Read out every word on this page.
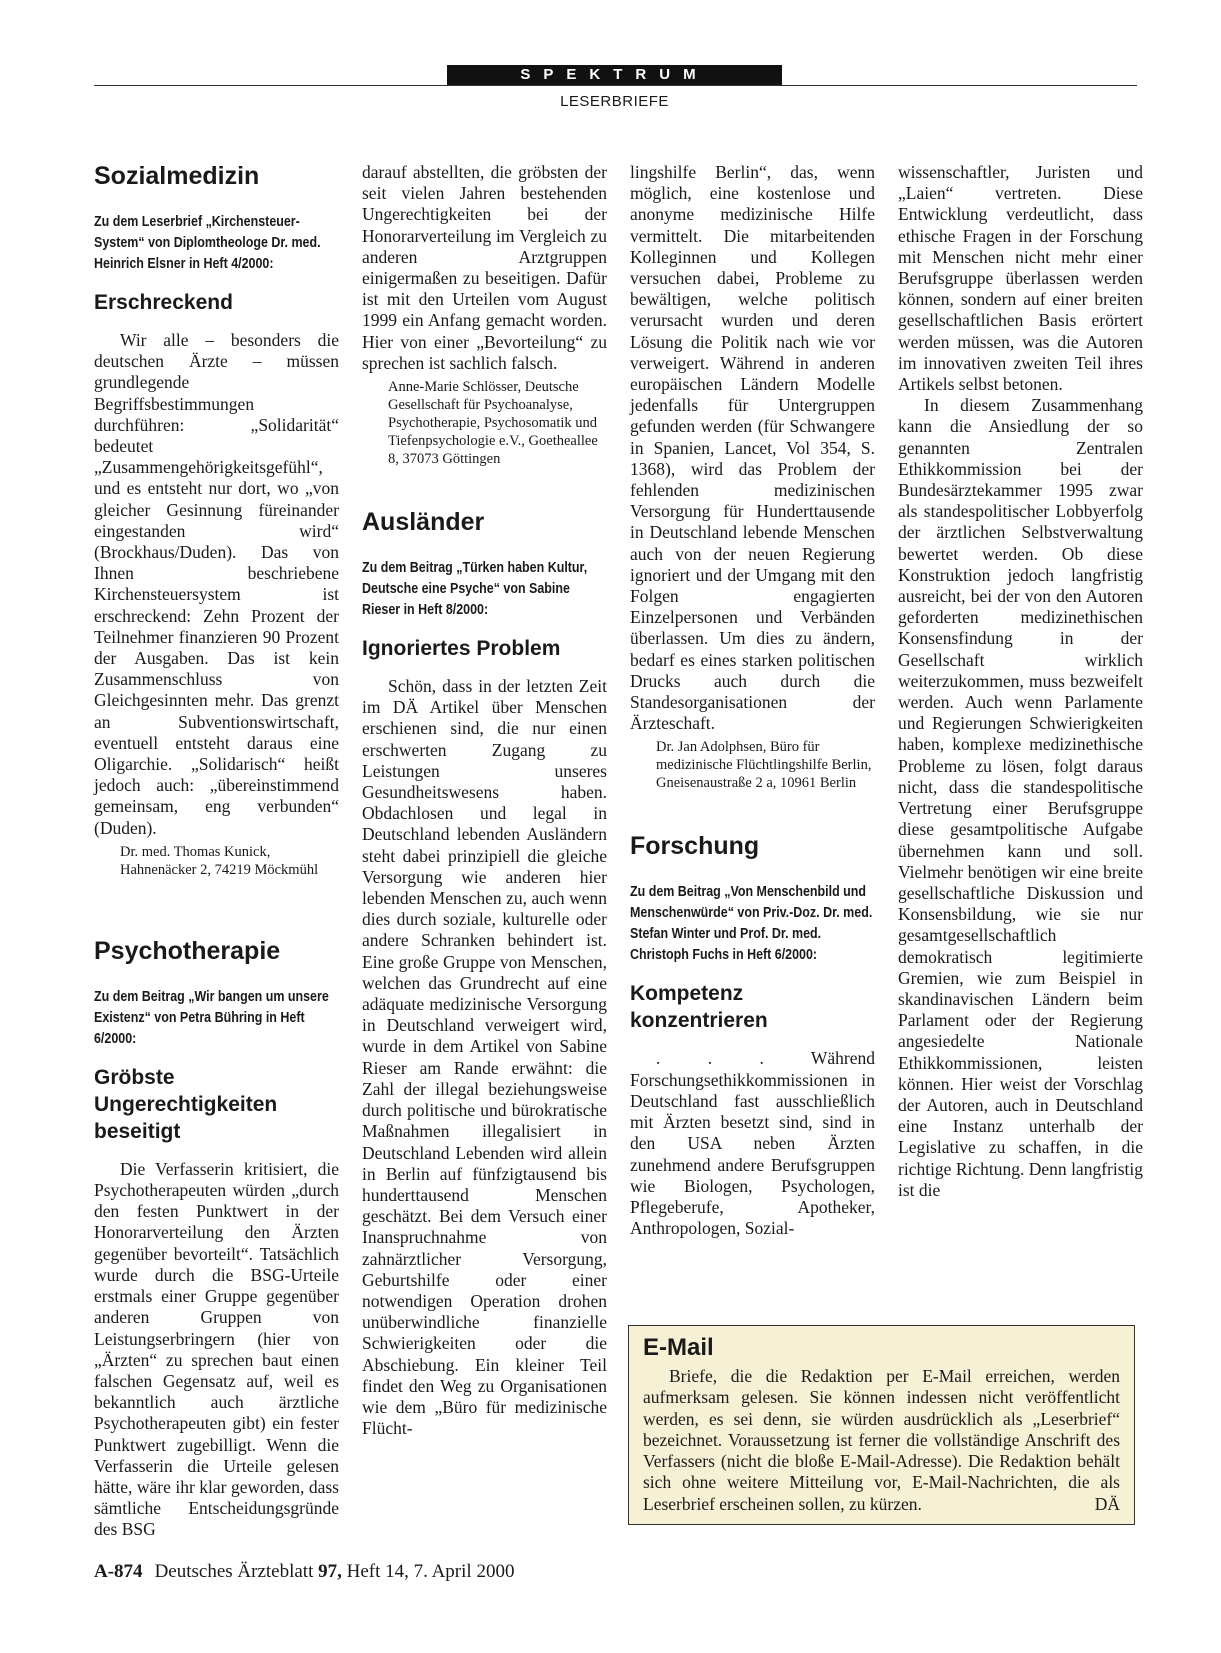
SPEKTRUM
LESERBRIEFE
Sozialmedizin
Zu dem Leserbrief „Kirchensteuer-System“ von Diplomtheologe Dr. med. Heinrich Elsner in Heft 4/2000:
Erschreckend

Wir alle – besonders die deutschen Ärzte – müssen grundlegende Begriffsbestimmungen durchführen: „Solidarität“ bedeutet „Zusammengehörigkeitsgefühl“, und es entsteht nur dort, wo „von gleicher Gesinnung füreinander eingestanden wird“ (Brockhaus/Duden). Das von Ihnen beschriebene Kirchensteuersystem ist erschreckend: Zehn Prozent der Teilnehmer finanzieren 90 Prozent der Ausgaben. Das ist kein Zusammenschluss von Gleichgesinnten mehr. Das grenzt an Subventionswirtschaft, eventuell entsteht daraus eine Oligarchie. „Solidarisch“ heißt jedoch auch: „übereinstimmend gemeinsam, eng verbunden“ (Duden).

Dr. med. Thomas Kunick, Hahnenäcker 2, 74219 Möckmühl

Psychotherapie
Zu dem Beitrag „Wir bangen um unsere Existenz“ von Petra Bühring in Heft 6/2000:
Gröbste Ungerechtigkeiten beseitigt

Die Verfasserin kritisiert, die Psychotherapeuten würden „durch den festen Punktwert in der Honorarverteilung den Ärzten gegenüber bevorteilt“. Tatsächlich wurde durch die BSG-Urteile erstmals einer Gruppe gegenüber anderen Gruppen von Leistungserbringern (hier von „Ärzten“ zu sprechen baut einen falschen Gegensatz auf, weil es bekanntlich auch ärztliche Psychotherapeuten gibt) ein fester Punktwert zugebilligt. Wenn die Verfasserin die Urteile gelesen hätte, wäre ihr klar geworden, dass sämtliche Entscheidungsgründe des BSG

darauf abstellten, die gröbsten der seit vielen Jahren bestehenden Ungerechtigkeiten bei der Honorarverteilung im Vergleich zu anderen Arztgruppen einigermaßen zu beseitigen. Dafür ist mit den Urteilen vom August 1999 ein Anfang gemacht worden. Hier von einer „Bevorteilung“ zu sprechen ist sachlich falsch.

Anne-Marie Schlösser, Deutsche Gesellschaft für Psychoanalyse, Psychotherapie, Psychosomatik und Tiefenpsychologie e.V., Goetheallee 8, 37073 Göttingen

Ausländer
Zu dem Beitrag „Türken haben Kultur, Deutsche eine Psyche“ von Sabine Rieser in Heft 8/2000:
Ignoriertes Problem

Schön, dass in der letzten Zeit im DÄ Artikel über Menschen erschienen sind, die nur einen erschwerten Zugang zu Leistungen unseres Gesundheitswesens haben. Obdachlosen und legal in Deutschland lebenden Ausländern steht dabei prinzipiell die gleiche Versorgung wie anderen hier lebenden Menschen zu, auch wenn dies durch soziale, kulturelle oder andere Schranken behindert ist. Eine große Gruppe von Menschen, welchen das Grundrecht auf eine adäquate medizinische Versorgung in Deutschland verweigert wird, wurde in dem Artikel von Sabine Rieser am Rande erwähnt: die Zahl der illegal beziehungsweise durch politische und bürokratische Maßnahmen illegalisiert in Deutschland Lebenden wird allein in Berlin auf fünfzigtausend bis hunderttausend Menschen geschätzt. Bei dem Versuch einer Inanspruchnahme von zahnärztlicher Versorgung, Geburtshilfe oder einer notwendigen Operation drohen unüberwindliche finanzielle Schwierigkeiten oder die Abschiebung. Ein kleiner Teil findet den Weg zu Organisationen wie dem „Büro für medizinische Flücht-

lingshilfe Berlin“, das, wenn möglich, eine kostenlose und anonyme medizinische Hilfe vermittelt. Die mitarbeitenden Kolleginnen und Kollegen versuchen dabei, Probleme zu bewältigen, welche politisch verursacht wurden und deren Lösung die Politik nach wie vor verweigert. Während in anderen europäischen Ländern Modelle jedenfalls für Untergruppen gefunden werden (für Schwangere in Spanien, Lancet, Vol 354, S. 1368), wird das Problem der fehlenden medizinischen Versorgung für Hunderttausende in Deutschland lebende Menschen auch von der neuen Regierung ignoriert und der Umgang mit den Folgen engagierten Einzelpersonen und Verbänden überlassen. Um dies zu ändern, bedarf es eines starken politischen Drucks auch durch die Standesorganisationen der Ärzteschaft.

Dr. Jan Adolphsen, Büro für medizinische Flüchtlingshilfe Berlin, Gneisenaustraße 2 a, 10961 Berlin

Forschung
Zu dem Beitrag „Von Menschenbild und Menschenwürde“ von Priv.-Doz. Dr. med. Stefan Winter und Prof. Dr. med. Christoph Fuchs in Heft 6/2000:
Kompetenz konzentrieren

. . . Während Forschungsethikkommissionen in Deutschland fast ausschließlich mit Ärzten besetzt sind, sind in den USA neben Ärzten zunehmend andere Berufsgruppen wie Biologen, Psychologen, Pflegeberufe, Apotheker, Anthropologen, Sozial-

wissenschaftler, Juristen und „Laien“ vertreten. Diese Entwicklung verdeutlicht, dass ethische Fragen in der Forschung mit Menschen nicht mehr einer Berufsgruppe überlassen werden können, sondern auf einer breiten gesellschaftlichen Basis erörtert werden müssen, was die Autoren im innovativen zweiten Teil ihres Artikels selbst betonen.

In diesem Zusammenhang kann die Ansiedlung der so genannten Zentralen Ethikkommission bei der Bundesärztekammer 1995 zwar als standespolitischer Lobbyerfolg der ärztlichen Selbstverwaltung bewertet werden. Ob diese Konstruktion jedoch langfristig ausreicht, bei der von den Autoren geforderten medizinethischen Konsensfindung in der Gesellschaft wirklich weiterzukommen, muss bezweifelt werden. Auch wenn Parlamente und Regierungen Schwierigkeiten haben, komplexe medizinethische Probleme zu lösen, folgt daraus nicht, dass die standespolitische Vertretung einer Berufsgruppe diese gesamtpolitische Aufgabe übernehmen kann und soll. Vielmehr benötigen wir eine breite gesellschaftliche Diskussion und Konsensbildung, wie sie nur gesamtgesellschaftlich demokratisch legitimierte Gremien, wie zum Beispiel in skandinavischen Ländern beim Parlament oder der Regierung angesiedelte Nationale Ethikkommissionen, leisten können. Hier weist der Vorschlag der Autoren, auch in Deutschland eine Instanz unterhalb der Legislative zu schaffen, in die richtige Richtung. Denn langfristig ist die

E-Mail

Briefe, die die Redaktion per E-Mail erreichen, werden aufmerksam gelesen. Sie können indessen nicht veröffentlicht werden, es sei denn, sie würden ausdrücklich als „Leserbrief“ bezeichnet. Voraussetzung ist ferner die vollständige Anschrift des Verfassers (nicht die bloße E-Mail-Adresse). Die Redaktion behält sich ohne weitere Mitteilung vor, E-Mail-Nachrichten, die als Leserbrief erscheinen sollen, zu kürzen.	DÄ

A-874 Deutsches Ärzteblatt 97, Heft 14, 7. April 2000
